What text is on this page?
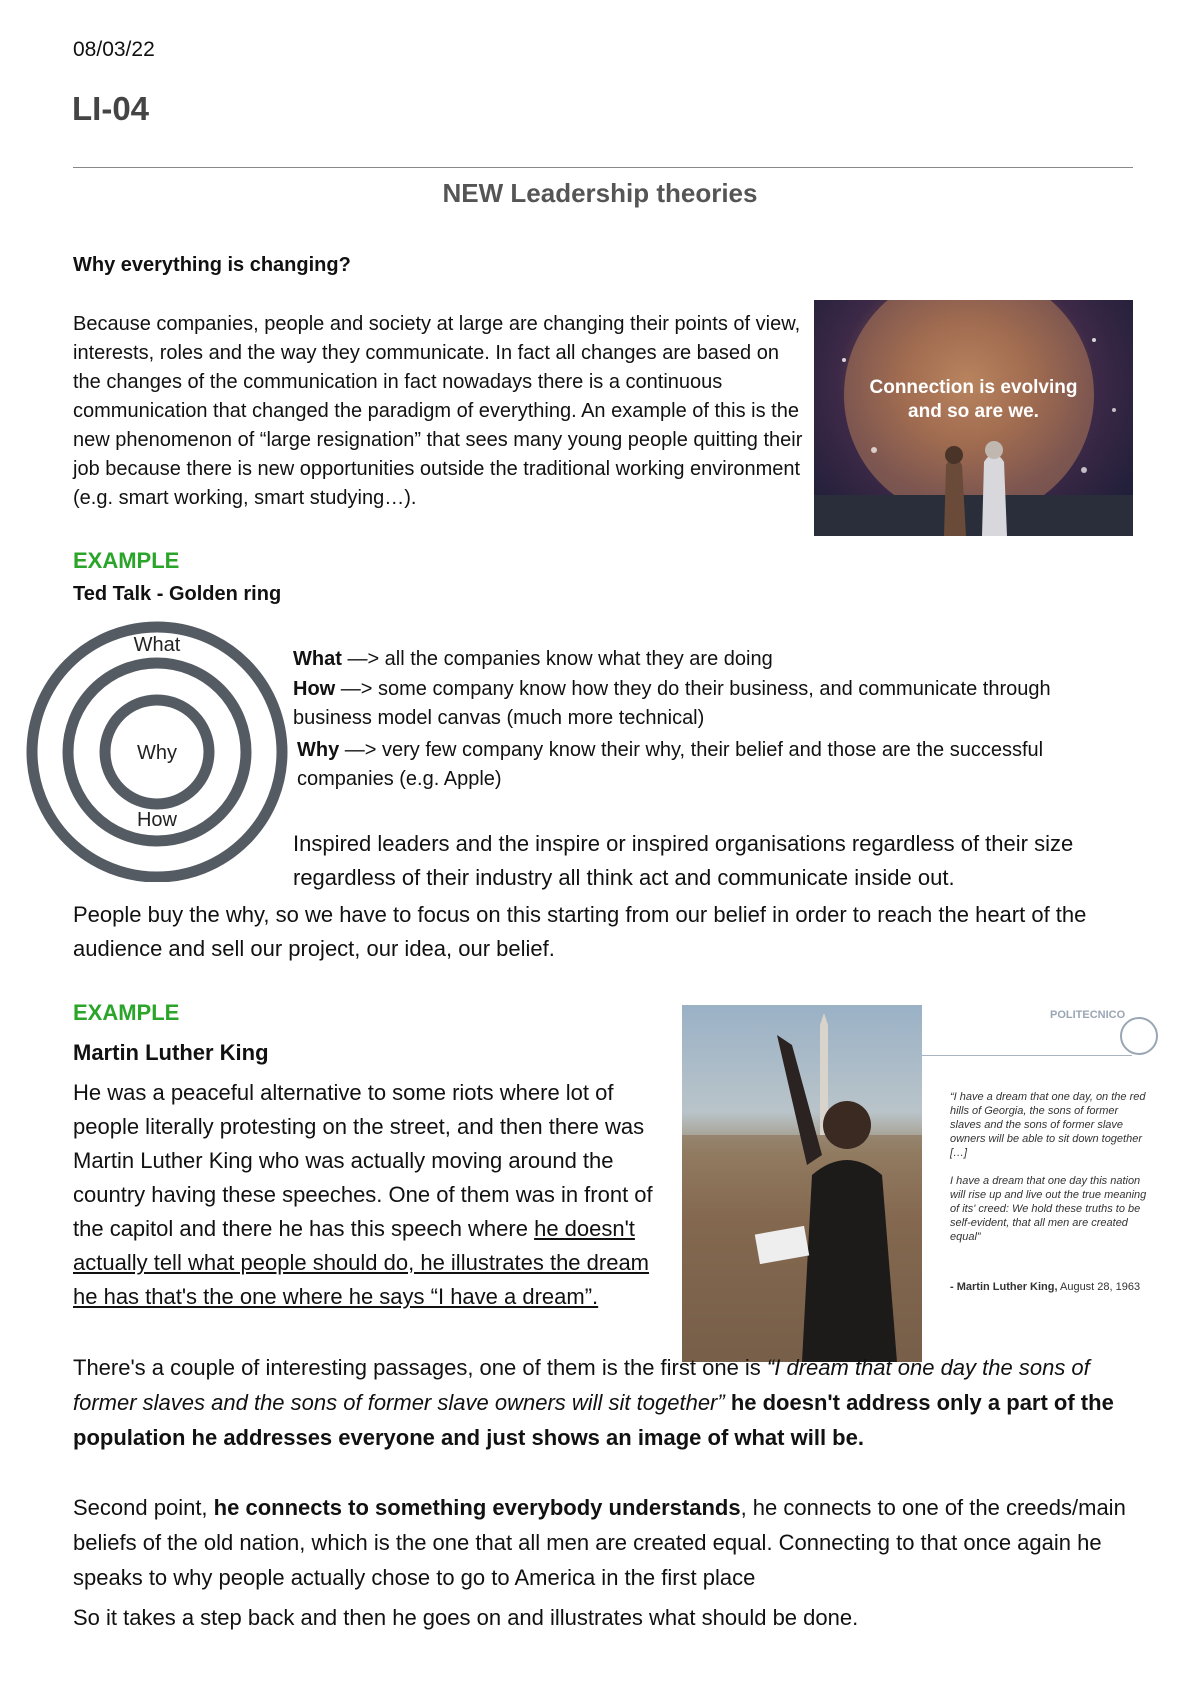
08/03/22
LI-04
NEW Leadership theories
Why everything is changing?
Because companies, people and society at large are changing their points of view, interests, roles and the way they communicate. In fact all changes are based on the changes of the communication in fact nowadays there is a continuous communication that changed the paradigm of everything. An example of this is the new phenomenon of “large resignation” that sees many young people quitting their job because there is new opportunities outside the traditional working environment (e.g. smart working, smart studying…).
Connection is evolving
and so are we.
EXAMPLE
Ted Talk - Golden ring
What
Why
How
What —> all the companies know what they are doing
How —> some company know how they do their business, and communicate through business model canvas (much more technical)
Why —> very few company know their why, their belief and those are the successful companies (e.g. Apple)
Inspired leaders and the inspire or inspired organisations regardless of their size regardless of their industry all think act and communicate inside out.
People buy the why, so we have to focus on this starting from our belief in order to reach the heart of the audience and sell our project, our idea, our belief.
EXAMPLE
Martin Luther King
He was a peaceful alternative to some riots where lot of people literally protesting on the street, and then there was Martin Luther King who was actually moving around the country having these speeches. One of them was in front of the capitol and there he has this speech where he doesn't actually tell what people should do, he illustrates the dream he has that's the one where he says “I have a dream”.
POLITECNICO
“I have a dream that one day, on the red hills of Georgia, the sons of former slaves and the sons of former slave owners will be able to sit down together […]
I have a dream that one day this nation will rise up and live out the true meaning of its' creed: We hold these truths to be self-evident, that all men are created equal”
- Martin Luther King, August 28, 1963
There's a couple of interesting passages, one of them is the first one is “I dream that one day the sons of former slaves and the sons of former slave owners will sit together” he doesn't address only a part of the population he addresses everyone and just shows an image of what will be.
Second point, he connects to something everybody understands, he connects to one of the creeds/main beliefs of the old nation, which is the one that all men are created equal. Connecting to that once again he speaks to why people actually chose to go to America in the first place
So it takes a step back and then he goes on and illustrates what should be done.
